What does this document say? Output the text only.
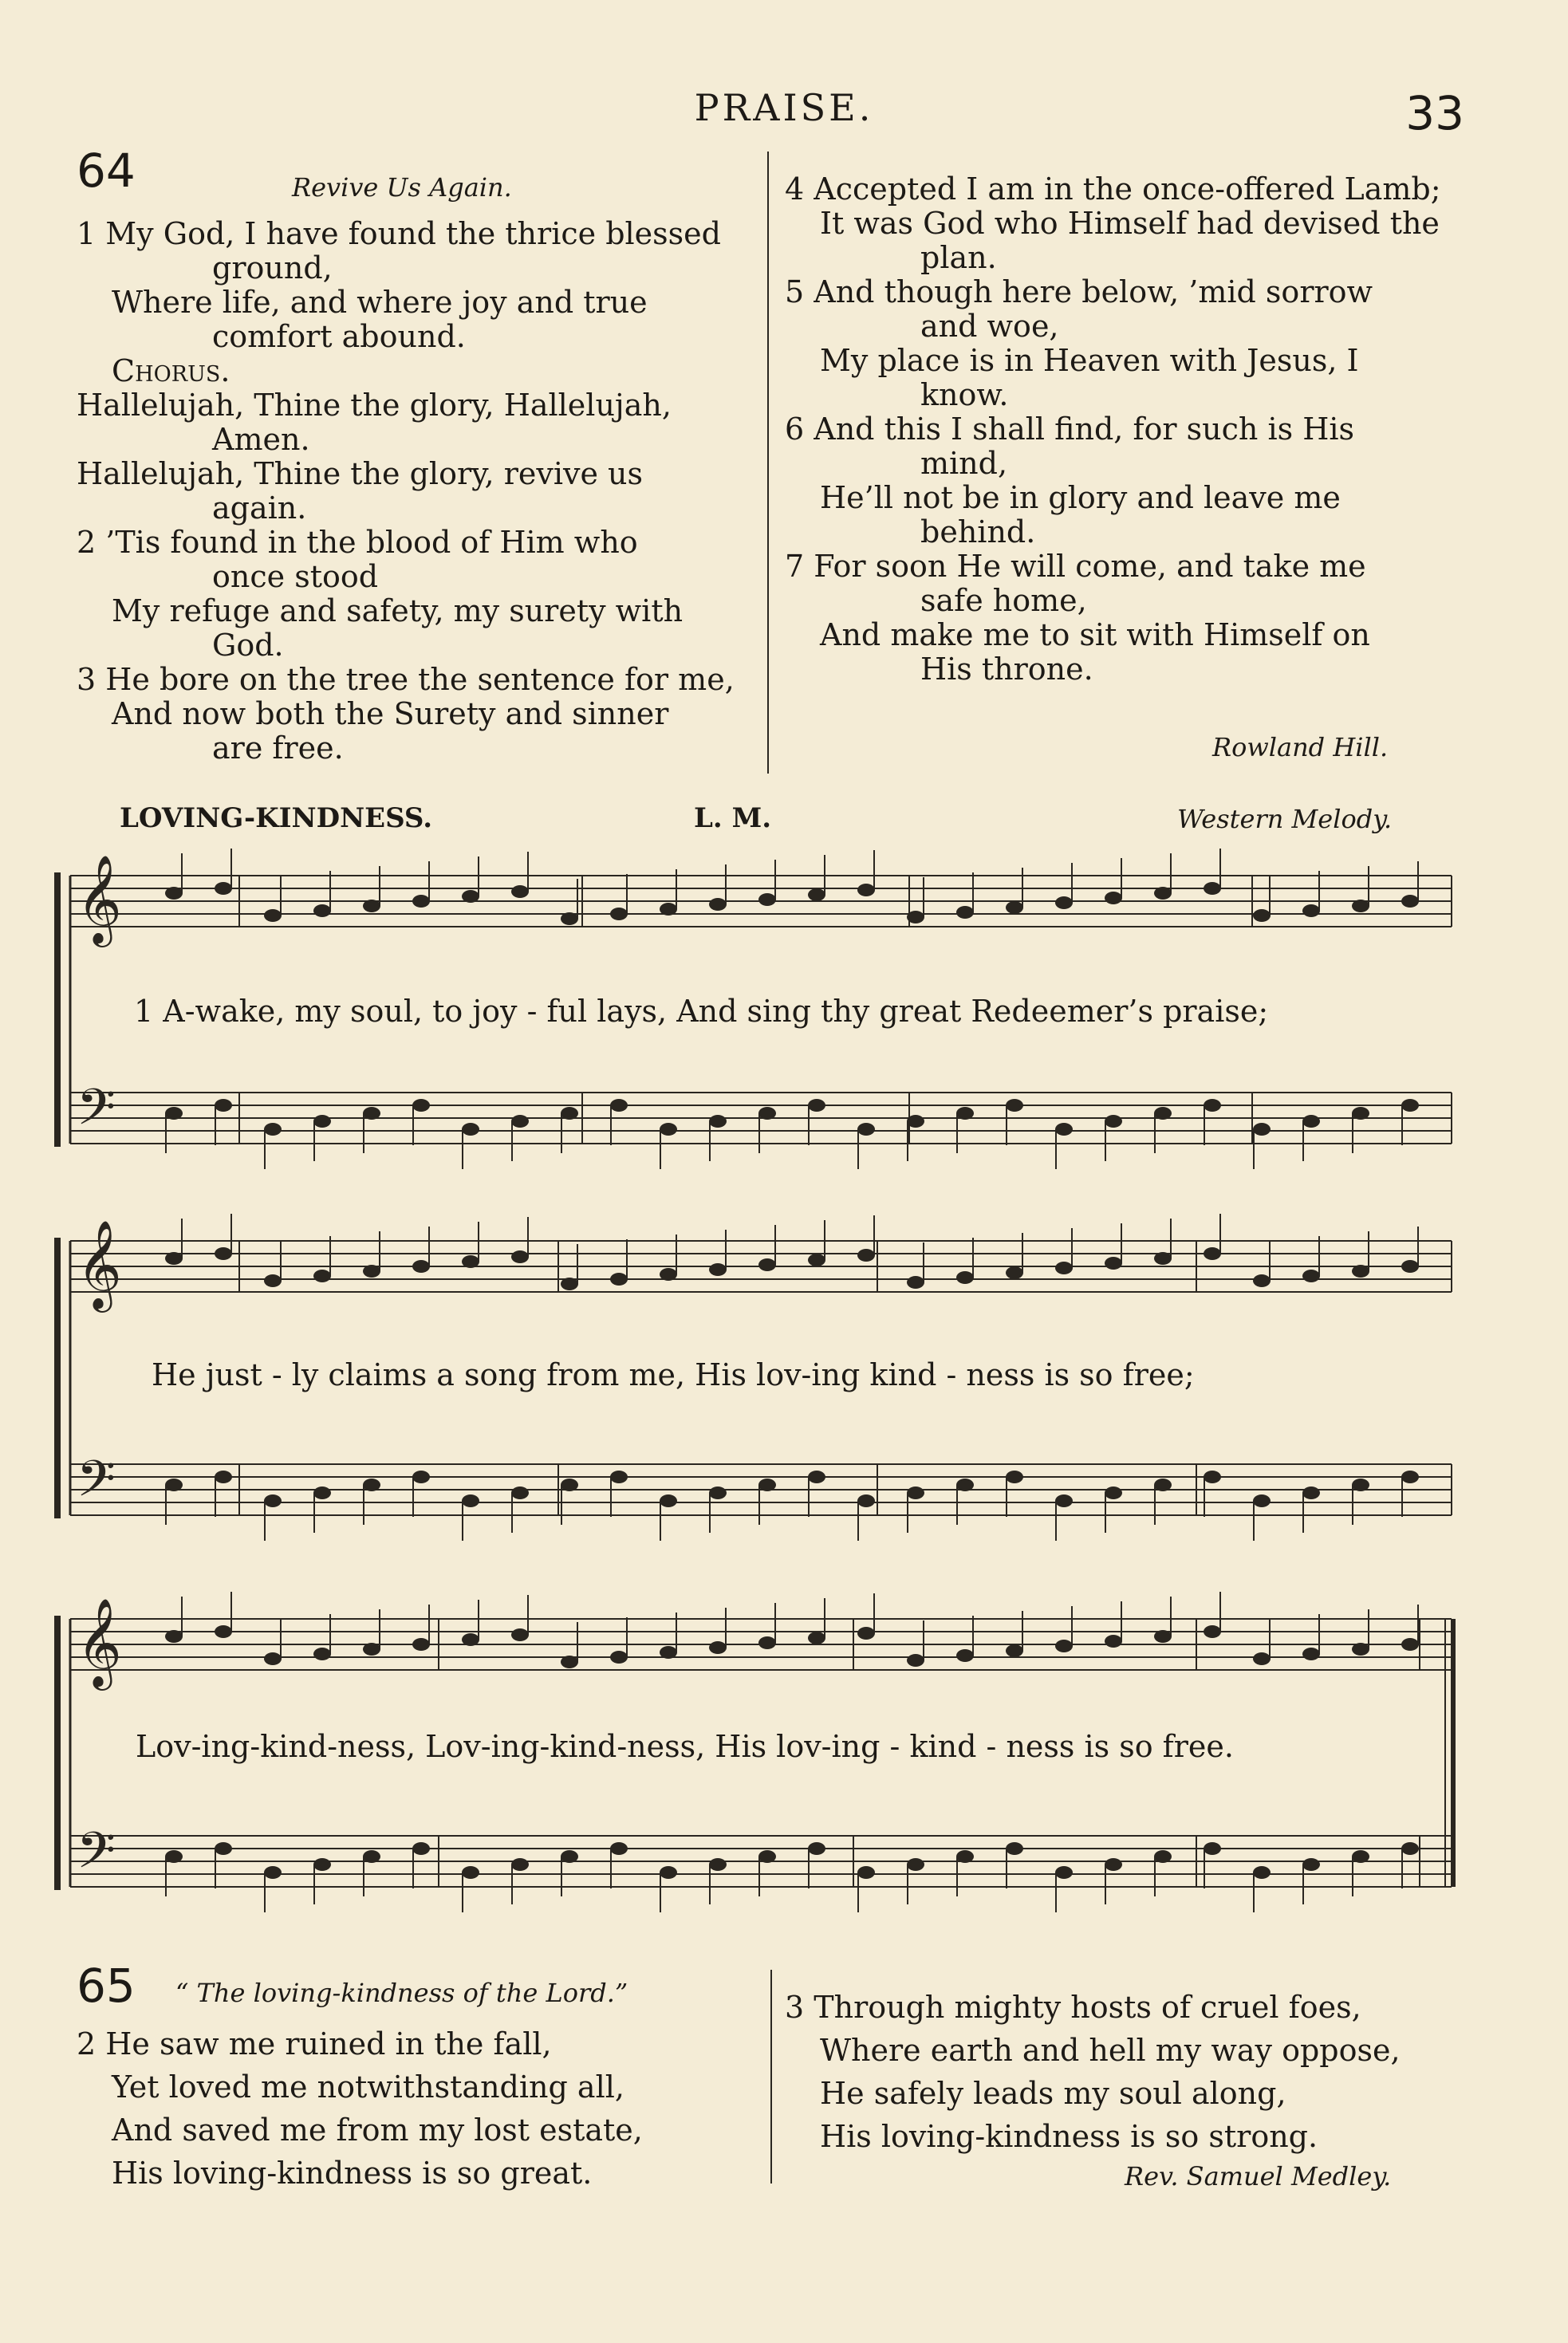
PRAISE.	33
64	Revive Us Again.
1 My God, I have found the thrice blessed
ground,
Where life, and where joy and true
comfort abound.
Chorus.
Hallelujah, Thine the glory, Hallelujah,
Amen.
Hallelujah, Thine the glory, revive us
again.
2 ’Tis found in the blood of Him who
once stood
My refuge and safety, my surety with
God.
3 He bore on the tree the sentence for me,
And now both the Surety and sinner
are free.
4 Accepted I am in the once-offered Lamb;
It was God who Himself had devised the
plan.
5 And though here below, ’mid sorrow
and woe,
My place is in Heaven with Jesus, I
know.
6 And this I shall find, for such is His
mind,
He’ll not be in glory and leave me
behind.
7 For soon He will come, and take me
safe home,
And make me to sit with Himself on
His throne.
Rowland Hill.
LOVING-KINDNESS.	L. M.	Western Melody.
𝄞
𝄢
𝄞
𝄢
𝄞
𝄢
1 A-wake, my soul, to joy - ful lays, And sing thy great Redeemer’s praise;
He just - ly claims a song from me, His lov-ing kind - ness is so free;
Lov-ing-kind-ness, Lov-ing-kind-ness, His lov-ing - kind - ness is so free.
65 “ The loving-kindness of the Lord.”
2 He saw me ruined in the fall,
Yet loved me notwithstanding all,
And saved me from my lost estate,
His loving-kindness is so great.
3 Through mighty hosts of cruel foes,
Where earth and hell my way oppose,
He safely leads my soul along,
His loving-kindness is so strong.
Rev. Samuel Medley.
